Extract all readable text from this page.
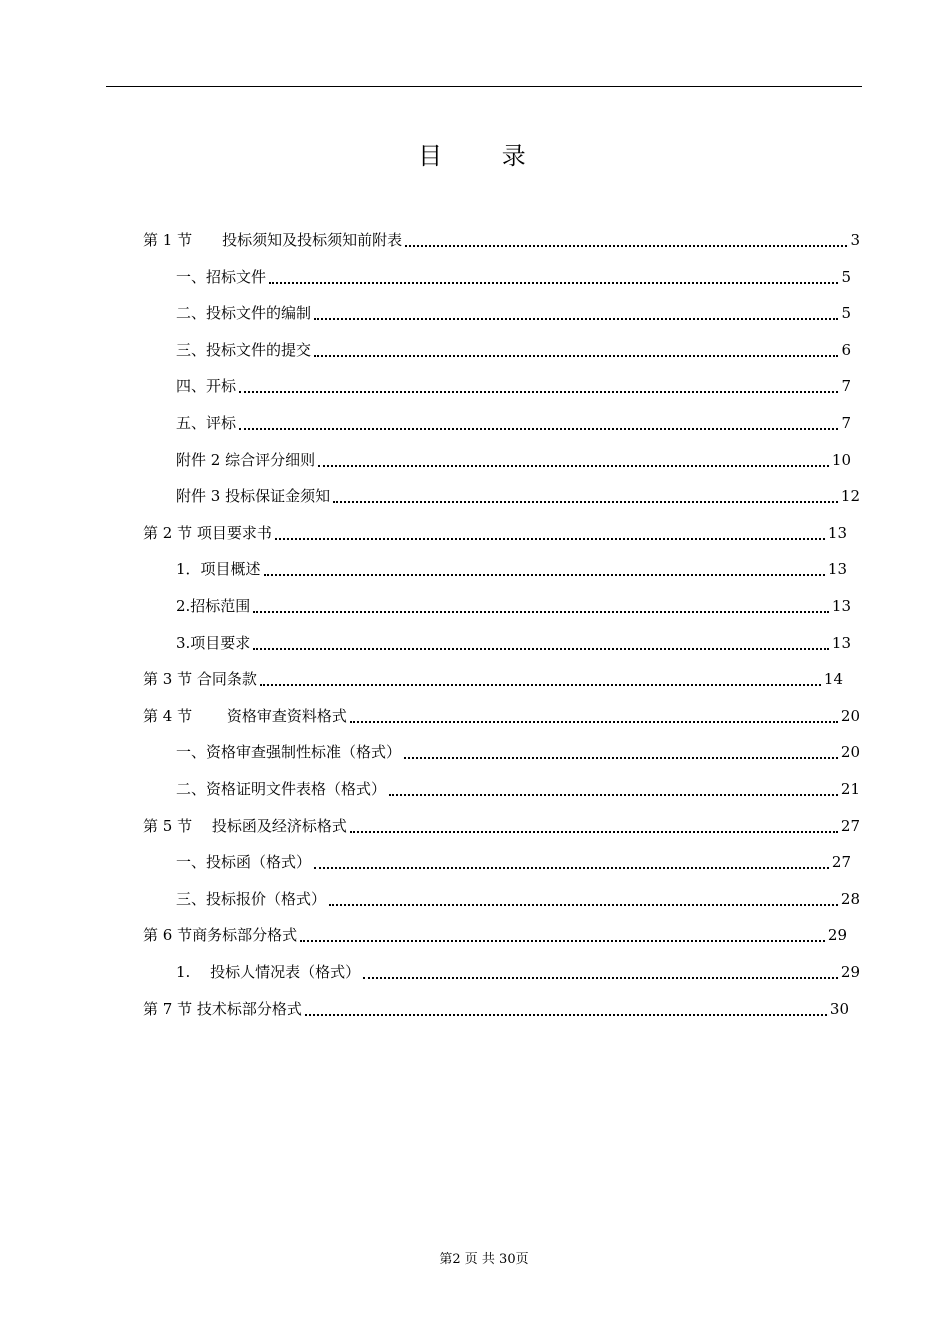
目 录
第 1 节　　投标须知及投标须知前附表	3
一、招标文件	5
二、投标文件的编制	5
三、投标文件的提交	6
四、开标	7
五、评标	7
附件 2 综合评分细则	10
附件 3 投标保证金须知	12
第 2 节 项目要求书	13
1．项目概述	13
2.招标范围	13
3.项目要求	13
第 3 节 合同条款	14
第 4 节　　 资格审查资料格式	20
一、资格审查强制性标准（格式）	20
二、资格证明文件表格（格式）	21
第 5 节　 投标函及经济标格式	27
一、投标函（格式）	27
三、投标报价（格式）	28
第 6 节商务标部分格式	29
1.　 投标人情况表（格式）	29
第 7 节 技术标部分格式	30
第2 页 共 30页
